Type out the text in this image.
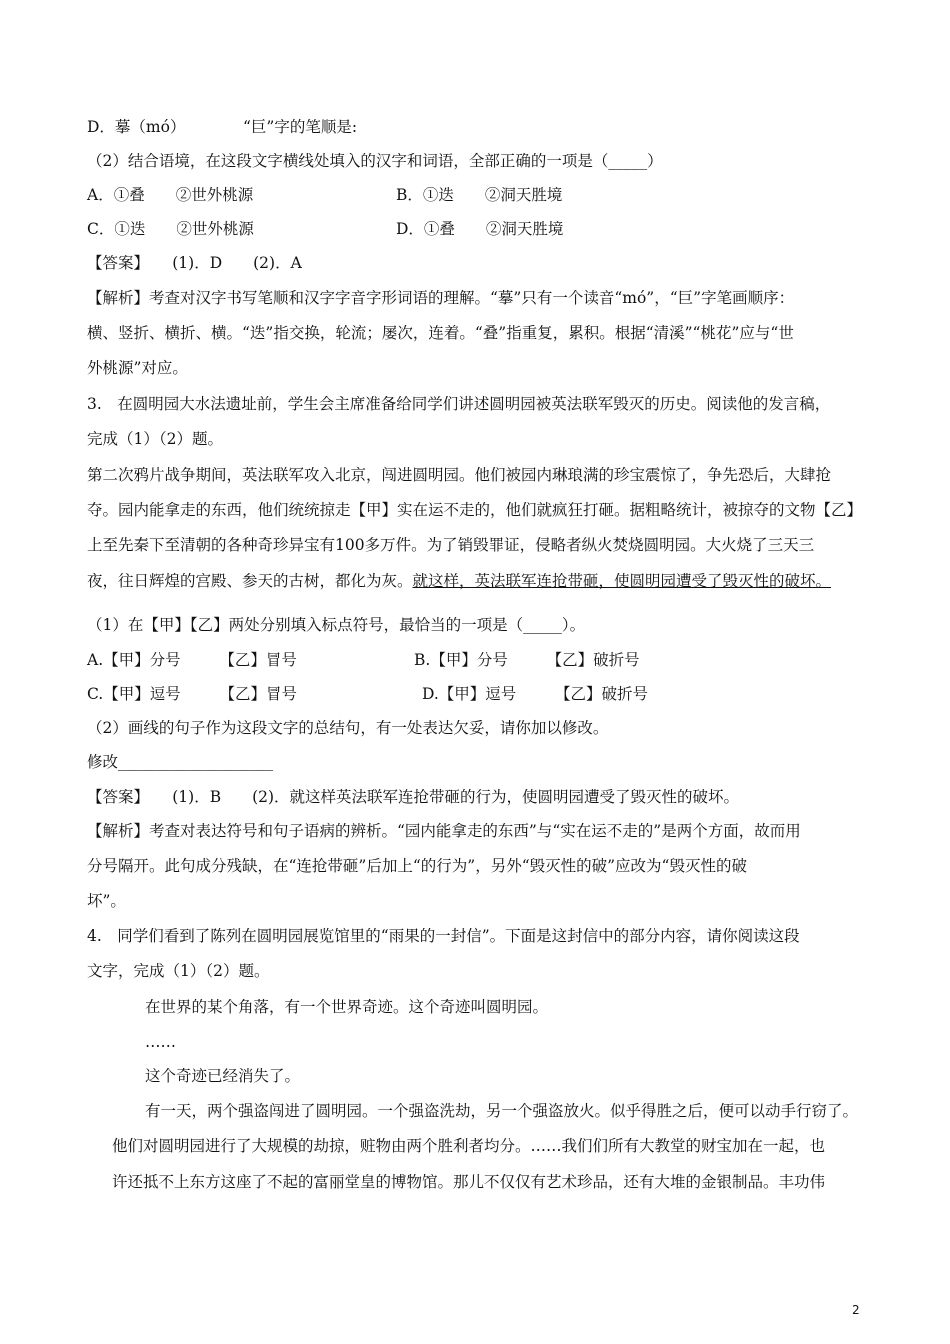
D．摹（mó）	“巨”字的笔顺是:
（2）结合语境，在这段文字横线处填入的汉字和词语，全部正确的一项是（_____）
A．①叠　　②世外桃源	B．①迭　　②洞天胜境
C．①迭　　②世外桃源	D．①叠　　②洞天胜境
【答案】　　(1)．D　　(2)．A
【解析】考查对汉字书写笔顺和汉字字音字形词语的理解。“摹”只有一个读音“mó”，“巨”字笔画顺序：
横、竖折、横折、横。“迭”指交换，轮流；屡次，连着。“叠”指重复，累积。根据“清溪”“桃花”应与“世
外桃源”对应。
3.　在圆明园大水法遗址前，学生会主席准备给同学们讲述圆明园被英法联军毁灭的历史。阅读他的发言稿，
完成（1）（2）题。
第二次鸦片战争期间，英法联军攻入北京，闯进圆明园。他们被园内琳琅满的珍宝震惊了，争先恐后，大肆抢
夺。园内能拿走的东西，他们统统掠走【甲】实在运不走的，他们就疯狂打砸。据粗略统计，被掠夺的文物【乙】
上至先秦下至清朝的各种奇珍异宝有100多万件。为了销毁罪证，侵略者纵火焚烧圆明园。大火烧了三天三
夜，往日辉煌的宫殿、参天的古树，都化为灰。就这样，英法联军连抢带砸，使圆明园遭受了毁灭性的破坏。
（1）在【甲】【乙】两处分别填入标点符号，最恰当的一项是（_____）。
A.【甲】分号　　　【乙】冒号	B.【甲】分号　　　【乙】破折号
C.【甲】逗号　　　【乙】冒号	D.【甲】逗号　　　【乙】破折号
（2）画线的句子作为这段文字的总结句，有一处表达欠妥，请你加以修改。
修改____________________
【答案】　　(1)．B　　(2)．就这样英法联军连抢带砸的行为，使圆明园遭受了毁灭性的破坏。
【解析】考查对表达符号和句子语病的辨析。“园内能拿走的东西”与“实在运不走的”是两个方面，故而用
分号隔开。此句成分残缺，在“连抢带砸”后加上“的行为”，另外“毁灭性的破”应改为“毁灭性的破
坏”。
4.　同学们看到了陈列在圆明园展览馆里的“雨果的一封信”。下面是这封信中的部分内容，请你阅读这段
文字，完成（1）（2）题。
在世界的某个角落，有一个世界奇迹。这个奇迹叫圆明园。
……
这个奇迹已经消失了。
有一天，两个强盗闯进了圆明园。一个强盗洗劫，另一个强盗放火。似乎得胜之后，便可以动手行窃了。
他们对圆明园进行了大规模的劫掠，赃物由两个胜利者均分。……我们们所有大教堂的财宝加在一起，也
许还抵不上东方这座了不起的富丽堂皇的博物馆。那儿不仅仅有艺术珍品，还有大堆的金银制品。丰功伟
2
